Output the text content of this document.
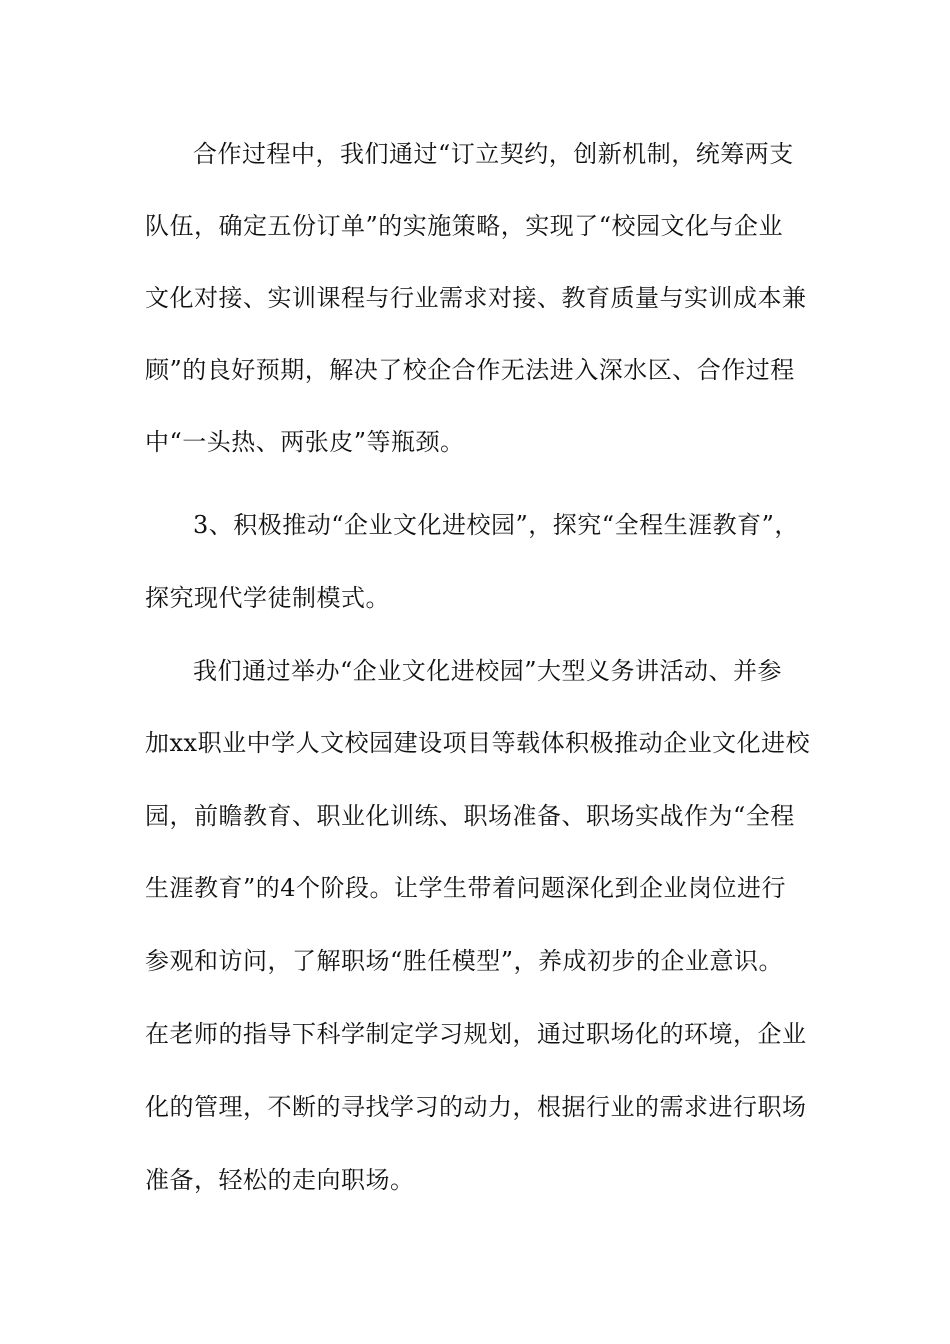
合作过程中，我们通过“订立契约，创新机制，统筹两支
队伍，确定五份订单”的实施策略，实现了“校园文化与企业
文化对接、实训课程与行业需求对接、教育质量与实训成本兼
顾”的良好预期，解决了校企合作无法进入深水区、合作过程
中“一头热、两张皮”等瓶颈。
3、积极推动“企业文化进校园”，探究“全程生涯教育”，
探究现代学徒制模式。
我们通过举办“企业文化进校园”大型义务讲活动、并参
加xx职业中学人文校园建设项目等载体积极推动企业文化进校
园，前瞻教育、职业化训练、职场准备、职场实战作为“全程
生涯教育”的4个阶段。让学生带着问题深化到企业岗位进行
参观和访问，了解职场“胜任模型”，养成初步的企业意识。
在老师的指导下科学制定学习规划，通过职场化的环境，企业
化的管理，不断的寻找学习的动力，根据行业的需求进行职场
准备，轻松的走向职场。
